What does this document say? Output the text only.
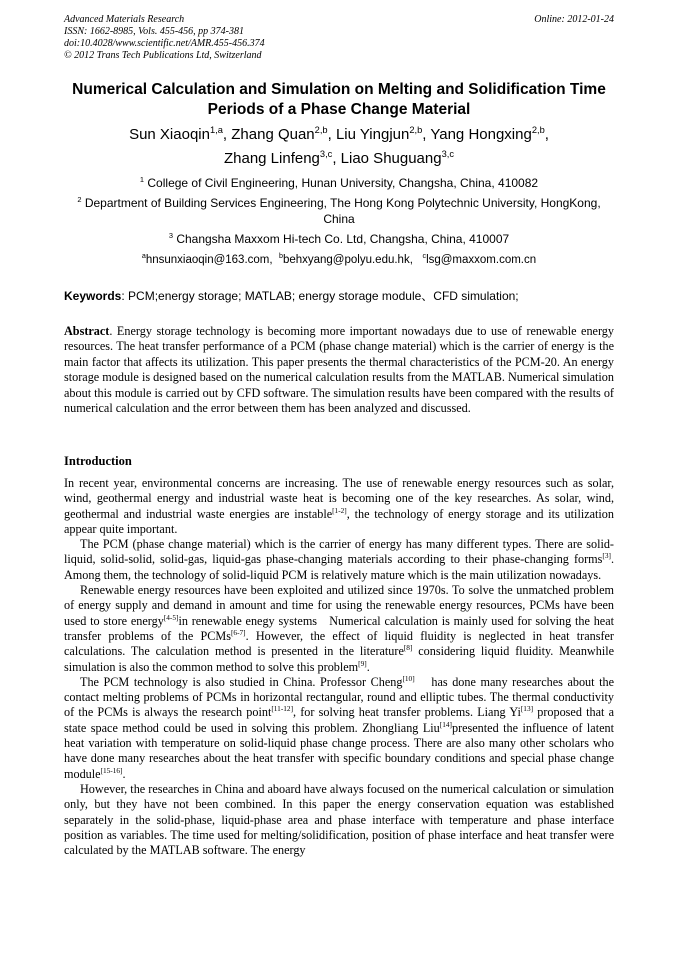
Advanced Materials Research
ISSN: 1662-8985, Vols. 455-456, pp 374-381
doi:10.4028/www.scientific.net/AMR.455-456.374
© 2012 Trans Tech Publications Ltd, Switzerland
Online: 2012-01-24
Numerical Calculation and Simulation on Melting and Solidification Time
Periods of a Phase Change Material
Sun Xiaoqin$^{1,a}$, Zhang Quan$^{2,b}$, Liu Yingjun$^{2,b}$, Yang Hongxing$^{2,b}$,
Zhang Linfeng$^{3,c}$, Liao Shuguang$^{3,c}$
$^1$ College of Civil Engineering, Hunan University, Changsha, China, 410082
$^2$ Department of Building Services Engineering, The Hong Kong Polytechnic University, HongKong,
China
$^3$ Changsha Maxxom Hi-tech Co. Ltd, Changsha, China, 410007
$^a$hnsunxiaoqin@163.com, $^b$behxyang@polyu.edu.hk, $^c$lsg@maxxom.com.cn
Keywords: PCM;energy storage; MATLAB; energy storage module、CFD simulation;
Abstract. Energy storage technology is becoming more important nowadays due to use of renewable energy resources. The heat transfer performance of a PCM (phase change material) which is the carrier of energy is the main factor that affects its utilization. This paper presents the thermal characteristics of the PCM-20. An energy storage module is designed based on the numerical calculation results from the MATLAB. Numerical simulation about this module is carried out by CFD software. The simulation results have been compared with the results of numerical calculation and the error between them has been analyzed and discussed.
Introduction

In recent year, environmental concerns are increasing. The use of renewable energy resources such as solar, wind, geothermal energy and industrial waste heat is becoming one of the key researches. As solar, wind, geothermal and industrial waste energies are instable[1-2], the technology of energy storage and its utilization appear quite important.

The PCM (phase change material) which is the carrier of energy has many different types. There are solid-liquid, solid-solid, solid-gas, liquid-gas phase-changing materials according to their phase-changing forms[3]. Among them, the technology of solid-liquid PCM is relatively mature which is the main utilization nowadays.

Renewable energy resources have been exploited and utilized since 1970s. To solve the unmatched problem of energy supply and demand in amount and time for using the renewable energy resources, PCMs have been used to store energy[4-5]in renewable enegy systems Numerical calculation is mainly used for solving the heat transfer problems of the PCMs[6-7]. However, the effect of liquid fluidity is neglected in heat transfer calculations. The calculation method is presented in the literature[8] considering liquid fluidity. Meanwhile simulation is also the common method to solve this problem[9].

The PCM technology is also studied in China. Professor Cheng[10]  has done many researches about the contact melting problems of PCMs in horizontal rectangular, round and elliptic tubes. The thermal conductivity of the PCMs is always the research point[11-12], for solving heat transfer problems. Liang Yi[13] proposed that a state space method could be used in solving this problem. Zhongliang Liu[14]presented the influence of latent heat variation with temperature on solid-liquid phase change process. There are also many other scholars who have done many researches about the heat transfer with specific boundary conditions and special phase change module[15-16].

However, the researches in China and aboard have always focused on the numerical calculation or simulation only, but they have not been combined. In this paper the energy conservation equation was established separately in the solid-phase, liquid-phase area and phase interface with temperature and phase interface position as variables. The time used for melting/solidification, position of phase interface and heat transfer were calculated by the MATLAB software. The energy
